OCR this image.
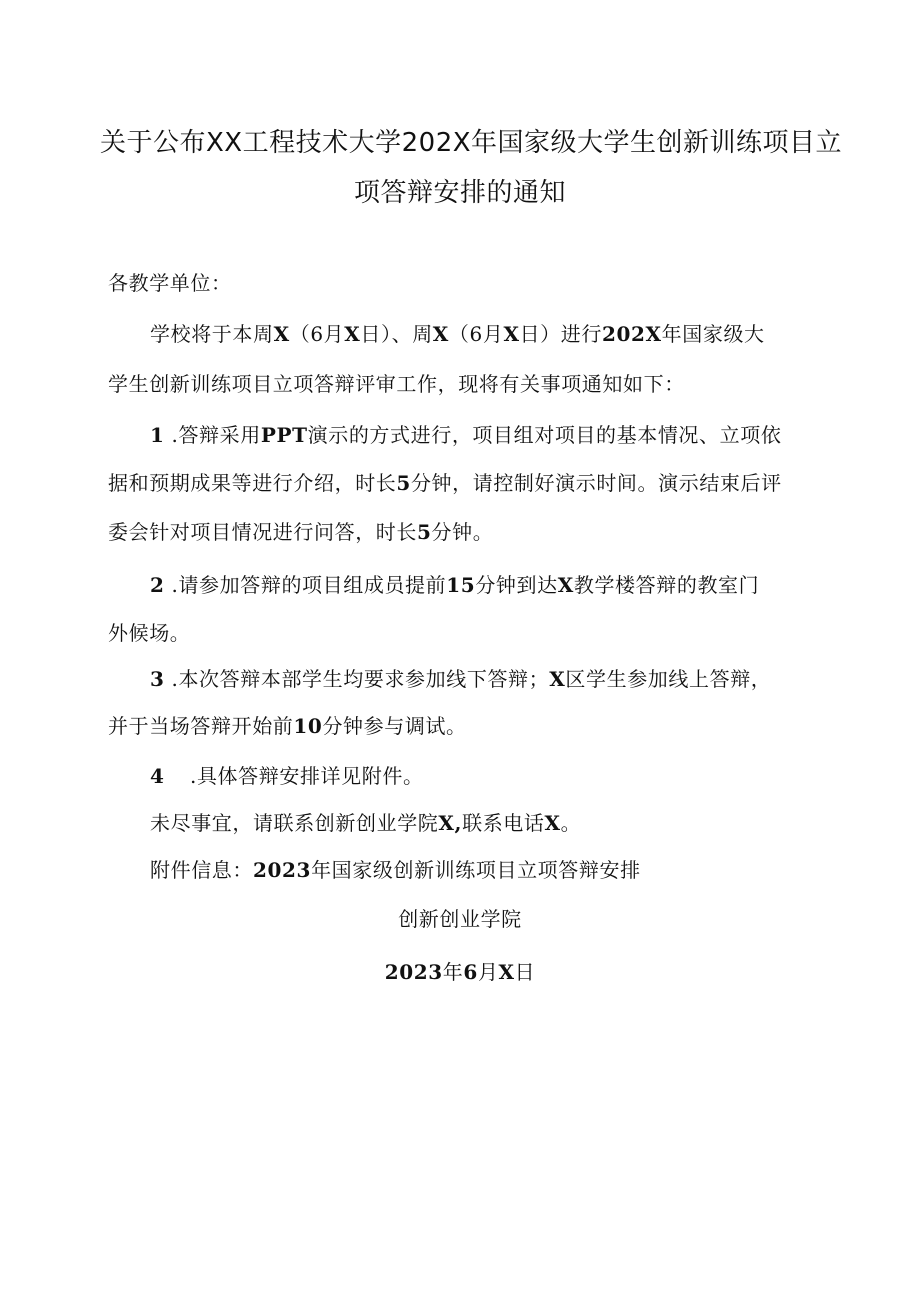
关于公布XX工程技术大学202X年国家级大学生创新训练项目立
项答辩安排的通知
各教学单位：
学校将于本周X（6月X日）、周X（6月X日）进行202X年国家级大
学生创新训练项目立项答辩评审工作，现将有关事项通知如下：
1 .答辩采用PPT演示的方式进行，项目组对项目的基本情况、立项依
据和预期成果等进行介绍，时长5分钟，请控制好演示时间。演示结束后评
委会针对项目情况进行问答，时长5分钟。
2 .请参加答辩的项目组成员提前15分钟到达X教学楼答辩的教室门
外候场。
3 .本次答辩本部学生均要求参加线下答辩；X区学生参加线上答辩，
并于当场答辩开始前10分钟参与调试。
4 .具体答辩安排详见附件。
未尽事宜，请联系创新创业学院X,联系电话X。
附件信息：2023年国家级创新训练项目立项答辩安排
创新创业学院
2023年6月X日
